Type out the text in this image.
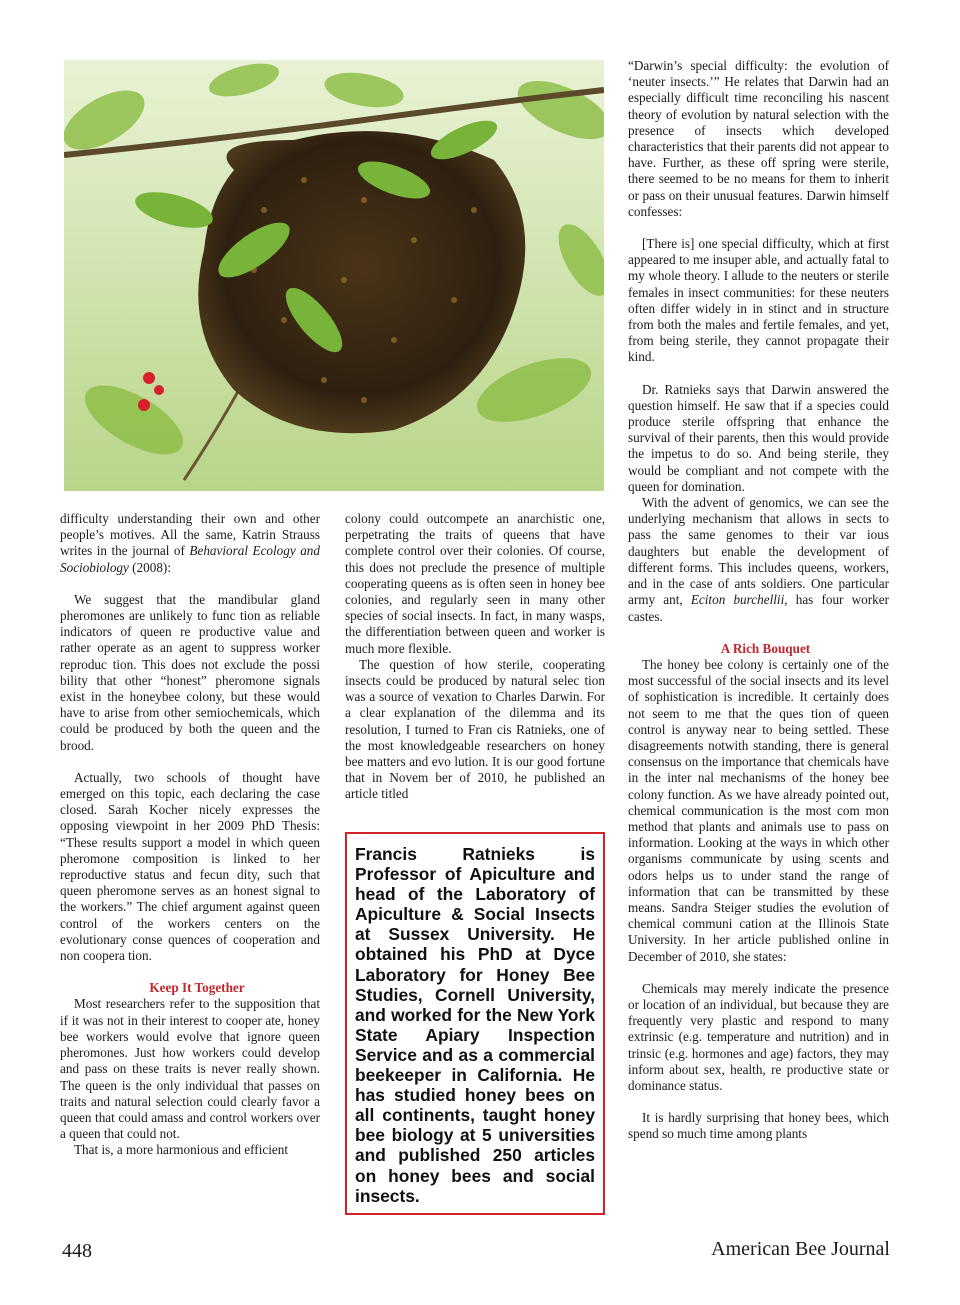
difficulty understanding their own and other people’s motives. All the same, Katrin Strauss writes in the journal of Behavioral Ecology and Sociobiology (2008):

We suggest that the mandibular gland pheromones are unlikely to func tion as reliable indicators of queen re productive value and rather operate as an agent to suppress worker reproduc tion. This does not exclude the possi bility that other “honest” pheromone signals exist in the honeybee colony, but these would have to arise from other semiochemicals, which could be produced by both the queen and the brood.

Actually, two schools of thought have emerged on this topic, each declaring the case closed. Sarah Kocher nicely expresses the opposing viewpoint in her 2009 PhD Thesis: “These results support a model in which queen pheromone composition is linked to her reproductive status and fecun dity, such that queen pheromone serves as an honest signal to the workers.” The chief argument against queen control of the workers centers on the evolutionary conse quences of cooperation and non coopera tion.

Keep It Together

Most researchers refer to the supposition that if it was not in their interest to cooper ate, honey bee workers would evolve that ignore queen pheromones. Just how workers could develop and pass on these traits is never really shown. The queen is the only individual that passes on traits and natural selection could clearly favor a queen that could amass and control workers over a queen that could not.

That is, a more harmonious and efficient

colony could outcompete an anarchistic one, perpetrating the traits of queens that have complete control over their colonies. Of course, this does not preclude the presence of multiple cooperating queens as is often seen in honey bee colonies, and regularly seen in many other species of social insects. In fact, in many wasps, the differentiation between queen and worker is much more flexible.

The question of how sterile, cooperating insects could be produced by natural selec tion was a source of vexation to Charles Darwin. For a clear explanation of the dilemma and its resolution, I turned to Fran cis Ratnieks, one of the most knowledgeable researchers on honey bee matters and evo lution. It is our good fortune that in Novem ber of 2010, he published an article titled

Francis Ratnieks is Professor of Apiculture and head of the Laboratory of Apiculture & Social Insects at Sussex University. He obtained his PhD at Dyce Laboratory for Honey Bee Studies, Cornell University, and worked for the New York State Apiary Inspection Service and as a commercial beekeeper in California. He has studied honey bees on all continents, taught honey bee biology at 5 universities and published 250 articles on honey bees and social insects.

“Darwin’s special difficulty: the evolution of ‘neuter insects.’” He relates that Darwin had an especially difficult time reconciling his nascent theory of evolution by natural selection with the presence of insects which developed characteristics that their parents did not appear to have. Further, as these off spring were sterile, there seemed to be no means for them to inherit or pass on their unusual features. Darwin himself confesses:

[There is] one special difficulty, which at first appeared to me insuper able, and actually fatal to my whole theory. I allude to the neuters or sterile females in insect communities: for these neuters often differ widely in in stinct and in structure from both the males and fertile females, and yet, from being sterile, they cannot propagate their kind.

Dr. Ratnieks says that Darwin answered the question himself. He saw that if a species could produce sterile offspring that enhance the survival of their parents, then this would provide the impetus to do so. And being sterile, they would be compliant and not compete with the queen for domination.

With the advent of genomics, we can see the underlying mechanism that allows in sects to pass the same genomes to their var ious daughters but enable the development of different forms. This includes queens, workers, and in the case of ants soldiers. One particular army ant, Eciton burchellii, has four worker castes.

A Rich Bouquet

The honey bee colony is certainly one of the most successful of the social insects and its level of sophistication is incredible. It certainly does not seem to me that the ques tion of queen control is anyway near to being settled. These disagreements notwith standing, there is general consensus on the importance that chemicals have in the inter nal mechanisms of the honey bee colony function. As we have already pointed out, chemical communication is the most com mon method that plants and animals use to pass on information. Looking at the ways in which other organisms communicate by using scents and odors helps us to under stand the range of information that can be transmitted by these means. Sandra Steiger studies the evolution of chemical communi cation at the Illinois State University. In her article published online in December of 2010, she states:

Chemicals may merely indicate the presence or location of an individual, but because they are frequently very plastic and respond to many extrinsic (e.g. temperature and nutrition) and in trinsic (e.g. hormones and age) factors, they may inform about sex, health, re productive state or dominance status.

It is hardly surprising that honey bees, which spend so much time among plants

448	American Bee Journal
